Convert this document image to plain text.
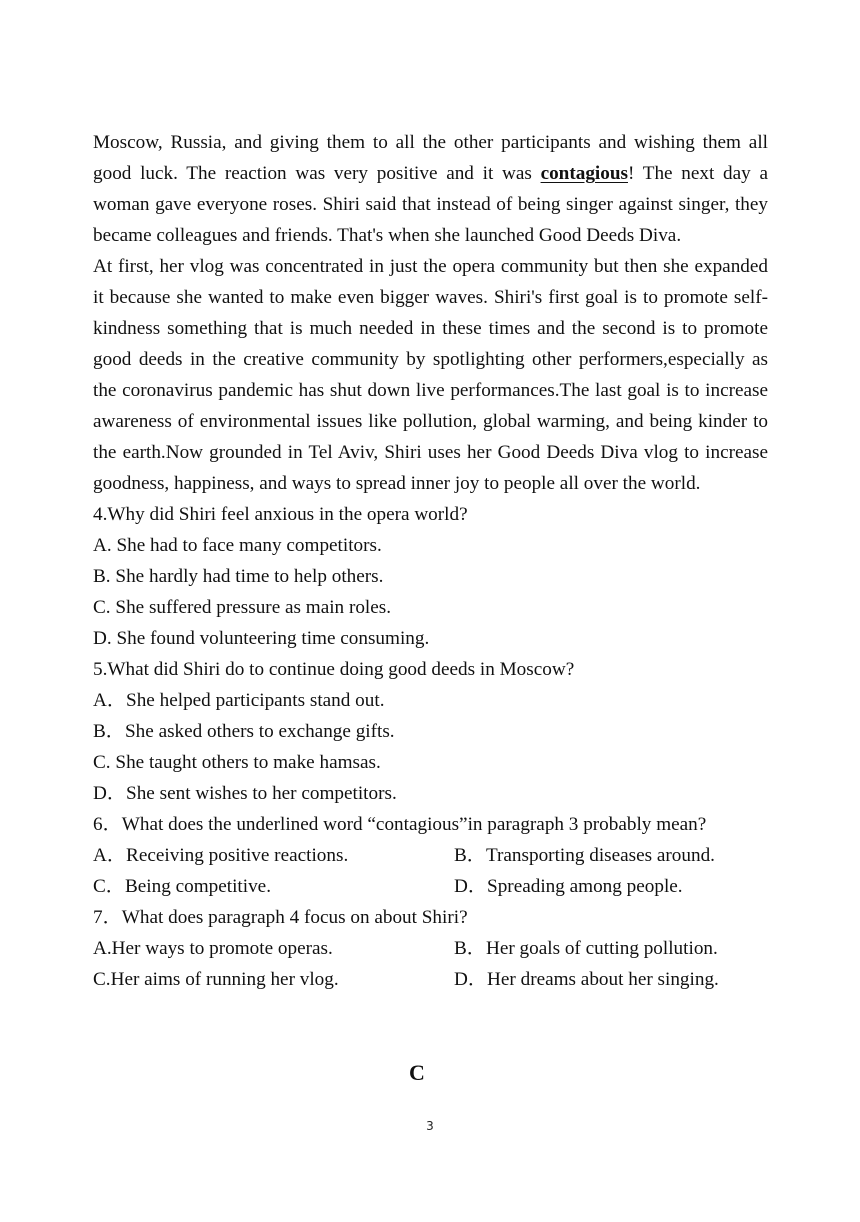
Moscow, Russia, and giving them to all the other participants and wishing them all good luck. The reaction was very positive and it was contagious! The next day a woman gave everyone roses. Shiri said that instead of being singer against singer, they became colleagues and friends. That's when she launched Good Deeds Diva.

At first, her vlog was concentrated in just the opera community but then she expanded it because she wanted to make even bigger waves. Shiri's first goal is to promote self- kindness something that is much needed in these times and the second is to promote good deeds in the creative community by spotlighting other performers,especially as the coronavirus pandemic has shut down live performances.The last goal is to increase awareness of environmental issues like pollution, global warming, and being kinder to the earth.Now grounded in Tel Aviv, Shiri uses her Good Deeds Diva vlog to increase goodness, happiness, and ways to spread inner joy to people all over the world.

4.Why did Shiri feel anxious in the opera world?

A. She had to face many competitors.

B. She hardly had time to help others.

C. She suffered pressure as main roles.

D. She found volunteering time consuming.

5.What did Shiri do to continue doing good deeds in Moscow?

A．She helped participants stand out.

B．She asked others to exchange gifts.

C. She taught others to make hamsas.

D．She sent wishes to her competitors.

6．What does the underlined word “contagious”in paragraph 3 probably mean?

A．Receiving positive reactions.	B．Transporting diseases around.
C．Being competitive.	D．Spreading among people.

7．What does paragraph 4 focus on about Shiri?

A.Her ways to promote operas.	B．Her goals of cutting pollution.
C.Her aims of running her vlog.	D．Her dreams about her singing.
C
3
